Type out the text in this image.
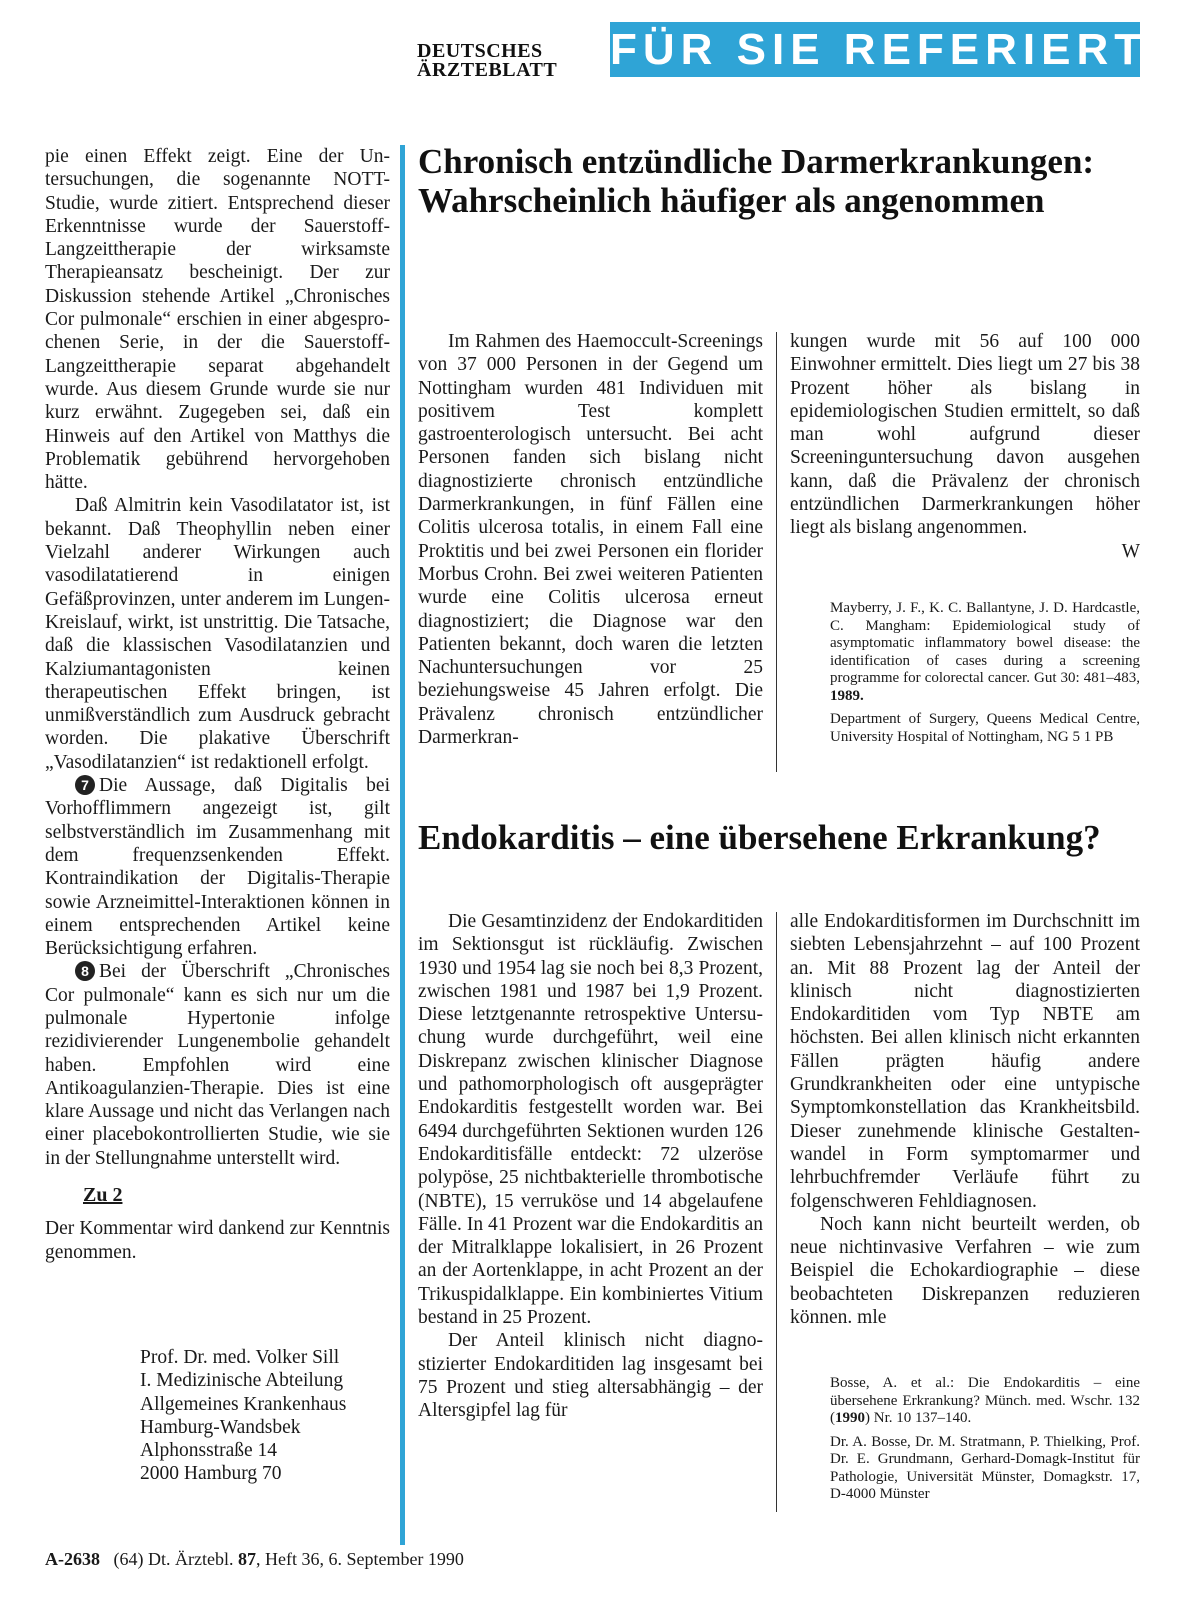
DEUTSCHES
ÄRZTEBLATT	FÜR SIE REFERIERT

pie einen Effekt zeigt. Eine der Untersuchungen, die sogenannte NOTT-Studie, wurde zitiert. Entsprechend dieser Erkenntnisse wurde der Sauerstoff-Langzeittherapie der wirksamste Therapieansatz bescheinigt. Der zur Diskussion stehende Artikel „Chronisches Cor pulmonale“ erschien in einer abgesprochenen Serie, in der die Sauerstoff-Langzeittherapie separat abgehandelt wurde. Aus diesem Grunde wurde sie nur kurz erwähnt. Zugegeben sei, daß ein Hinweis auf den Artikel von Matthys die Problematik gebührend hervorgehoben hätte.

Daß Almitrin kein Vasodilatator ist, ist bekannt. Daß Theophyllin neben einer Vielzahl anderer Wirkungen auch vasodilatatierend in einigen Gefäßprovinzen, unter anderem im Lungen-Kreislauf, wirkt, ist unstrittig. Die Tatsache, daß die klassischen Vasodilatanzien und Kalziumantagonisten keinen therapeutischen Effekt bringen, ist unmißverständlich zum Ausdruck gebracht worden. Die plakative Überschrift „Vasodilatanzien“ ist redaktionell erfolgt.

7 Die Aussage, daß Digitalis bei Vorhofflimmern angezeigt ist, gilt selbstverständlich im Zusammenhang mit dem frequenzsenkenden Effekt. Kontraindikation der Digitalis-Therapie sowie Arzneimittel-Interaktionen können in einem entsprechenden Artikel keine Berücksichtigung erfahren.

8 Bei der Überschrift „Chronisches Cor pulmonale“ kann es sich nur um die pulmonale Hypertonie infolge rezidivierender Lungenembolie gehandelt haben. Empfohlen wird eine Antikoagulanzien-Therapie. Dies ist eine klare Aussage und nicht das Verlangen nach einer placebokontrollierten Studie, wie sie in der Stellungnahme unterstellt wird.

Zu 2

Der Kommentar wird dankend zur Kenntnis genommen.

Prof. Dr. med. Volker Sill
I. Medizinische Abteilung
Allgemeines Krankenhaus
Hamburg-Wandsbek
Alphonsstraße 14
2000 Hamburg 70
Chronisch entzündliche Darmerkrankungen: Wahrscheinlich häufiger als angenommen

Im Rahmen des Haemoccult-Screenings von 37 000 Personen in der Gegend um Nottingham wurden 481 Individuen mit positivem Test komplett gastroenterologisch untersucht. Bei acht Personen fanden sich bislang nicht diagnostizierte chronisch entzündliche Darmerkrankungen, in fünf Fällen eine Colitis ulcerosa totalis, in einem Fall eine Proktitis und bei zwei Personen ein florider Morbus Crohn. Bei zwei weiteren Patienten wurde eine Colitis ulcerosa erneut diagnostiziert; die Diagnose war den Patienten bekannt, doch waren die letzten Nachuntersuchungen vor 25 beziehungsweise 45 Jahren erfolgt. Die Prävalenz chronisch entzündlicher Darmerkran-

kungen wurde mit 56 auf 100 000 Einwohner ermittelt. Dies liegt um 27 bis 38 Prozent höher als bislang in epidemiologischen Studien ermittelt, so daß man wohl aufgrund dieser Screeninguntersuchung davon ausgehen kann, daß die Prävalenz der chronisch entzündlichen Darmerkrankungen höher liegt als bislang angenommen.

W

Mayberry, J. F., K. C. Ballantyne, J. D. Hardcastle, C. Mangham: Epidemiological study of asymptomatic inflammatory bowel disease: the identification of cases during a screening programme for colorectal cancer. Gut 30: 481–483, 1989.

Department of Surgery, Queens Medical Centre, University Hospital of Nottingham, NG 5 1 PB

Endokarditis – eine übersehene Erkrankung?

Die Gesamtinzidenz der Endokarditiden im Sektionsgut ist rückläufig. Zwischen 1930 und 1954 lag sie noch bei 8,3 Prozent, zwischen 1981 und 1987 bei 1,9 Prozent. Diese letztgenannte retrospektive Untersuchung wurde durchgeführt, weil eine Diskrepanz zwischen klinischer Diagnose und pathomorphologisch oft ausgeprägter Endokarditis festgestellt worden war. Bei 6494 durchgeführten Sektionen wurden 126 Endokarditisfälle entdeckt: 72 ulzeröse polypöse, 25 nichtbakterielle thrombotische (NBTE), 15 verruköse und 14 abgelaufene Fälle. In 41 Prozent war die Endokarditis an der Mitralklappe lokalisiert, in 26 Prozent an der Aortenklappe, in acht Prozent an der Trikuspidalklappe. Ein kombiniertes Vitium bestand in 25 Prozent.

Der Anteil klinisch nicht diagnostizierter Endokarditiden lag insgesamt bei 75 Prozent und stieg altersabhängig – der Altersgipfel lag für

alle Endokarditisformen im Durchschnitt im siebten Lebensjahrzehnt – auf 100 Prozent an. Mit 88 Prozent lag der Anteil der klinisch nicht diagnostizierten Endokarditiden vom Typ NBTE am höchsten. Bei allen klinisch nicht erkannten Fällen prägten häufig andere Grundkrankheiten oder eine untypische Symptomkonstellation das Krankheitsbild. Dieser zunehmende klinische Gestaltenwandel in Form symptomarmer und lehrbuchfremder Verläufe führt zu folgenschweren Fehldiagnosen.

Noch kann nicht beurteilt werden, ob neue nichtinvasive Verfahren – wie zum Beispiel die Echokardiographie – diese beobachteten Diskrepanzen reduzieren können. mle

Bosse, A. et al.: Die Endokarditis – eine übersehene Erkrankung? Münch. med. Wschr. 132 (1990) Nr. 10 137–140.

Dr. A. Bosse, Dr. M. Stratmann, P. Thielking, Prof. Dr. E. Grundmann, Gerhard-Domagk-Institut für Pathologie, Universität Münster, Domagkstr. 17, D-4000 Münster

A-2638 (64) Dt. Ärztebl. 87, Heft 36, 6. September 1990
